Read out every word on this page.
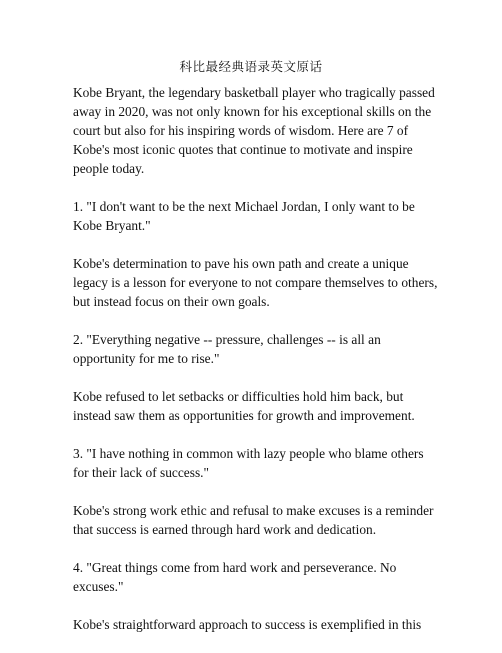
科比最经典语录英文原话

Kobe Bryant, the legendary basketball player who tragically passed away in 2020, was not only known for his exceptional skills on the court but also for his inspiring words of wisdom. Here are 7 of Kobe's most iconic quotes that continue to motivate and inspire people today.

1. "I don't want to be the next Michael Jordan, I only want to be Kobe Bryant."

Kobe's determination to pave his own path and create a unique legacy is a lesson for everyone to not compare themselves to others, but instead focus on their own goals.

2. "Everything negative -- pressure, challenges -- is all an opportunity for me to rise."

Kobe refused to let setbacks or difficulties hold him back, but instead saw them as opportunities for growth and improvement.

3. "I have nothing in common with lazy people who blame others for their lack of success."

Kobe's strong work ethic and refusal to make excuses is a reminder that success is earned through hard work and dedication.

4. "Great things come from hard work and perseverance. No excuses."

Kobe's straightforward approach to success is exemplified in this
